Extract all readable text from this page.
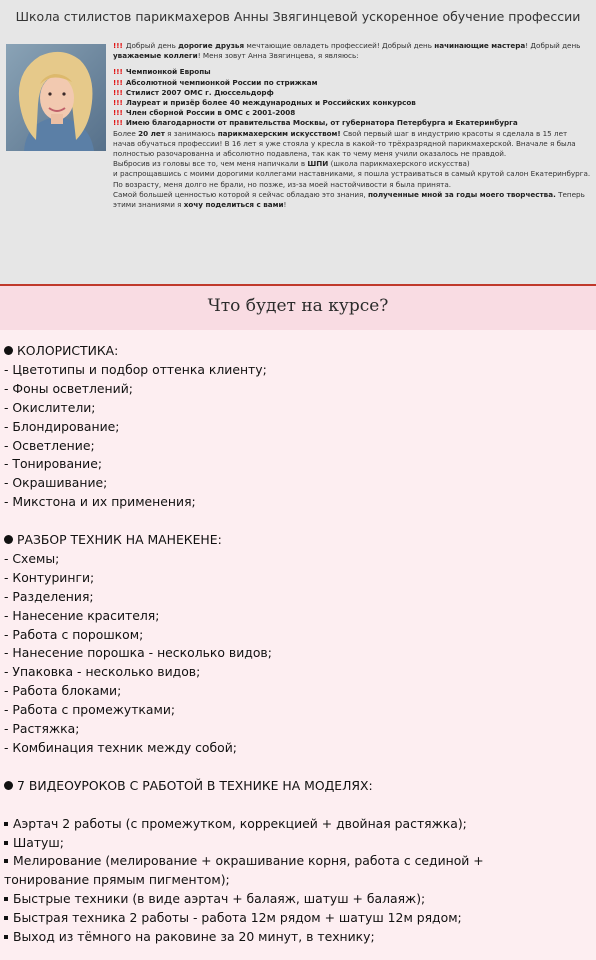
Школа стилистов парикмахеров Анны Звягинцевой ускоренное обучение профессии

!!! Добрый день дорогие друзья мечтающие овладеть профессией! Добрый день начинающие мастера! Добрый день уважаемые коллеги! Меня зовут Анна Звягинцева, я являюсь:

!!! Чемпионкой Европы

!!! Абсолютной чемпионкой России по стрижкам

!!! Стилист 2007 ОМС г. Дюссельдорф

!!! Лауреат и призёр более 40 международных и Российских конкурсов

!!! Член сборной России в ОМС с 2001-2008

!!! Имею благодарности от правительства Москвы, от губернатора Петербурга и Екатеринбурга

Более 20 лет я занимаюсь парикмахерским искусством! Свой первый шаг в индустрию красоты я сделала в 15 лет начав обучаться профессии! В 16 лет я уже стояла у кресла в какой-то трёхразрядной парикмахерской. Вначале я была полностью разочарованна и абсолютно подавлена, так как то чему меня учили оказалось не правдой.

Выбросив из головы все то, чем меня напичкали в ШПИ (школа парикмахерского искусства)

и распрощавшись с моими дорогими коллегами наставниками, я пошла устраиваться в самый крутой салон Екатеринбурга. По возрасту, меня долго не брали, но позже, из-за моей настойчивости я была принята.

Самой большей ценностью которой я сейчас обладаю это знания, полученные мной за годы моего творчества. Теперь этими знаниями я хочу поделиться с вами!

Что будет на курсе?
КОЛОРИСТИКА:
- Цветотипы и подбор оттенка клиенту;
- Фоны осветлений;
- Окислители;
- Блондирование;
- Осветление;
- Тонирование;
- Окрашивание;
- Микстона и их применения;
РАЗБОР ТЕХНИК НА МАНЕКЕНЕ:
- Схемы;
- Контуринги;
- Разделения;
- Нанесение красителя;
- Работа с порошком;
- Нанесение порошка - несколько видов;
- Упаковка - несколько видов;
- Работа блоками;
- Работа с промежутками;
- Растяжка;
- Комбинация техник между собой;
7 ВИДЕОУРОКОВ С РАБОТОЙ В ТЕХНИКЕ НА МОДЕЛЯХ:
Аэртач 2 работы (с промежутком, коррекцией + двойная растяжка);
Шатуш;
Мелирование (мелирование + окрашивание корня, работа с сединой +
тонирование прямым пигментом);
Быстрые техники (в виде аэртач + балаяж, шатуш + балаяж);
Быстрая техника 2 работы - работа 12м рядом + шатуш 12м рядом;
Выход из тёмного на раковине за 20 минут, в технику;
